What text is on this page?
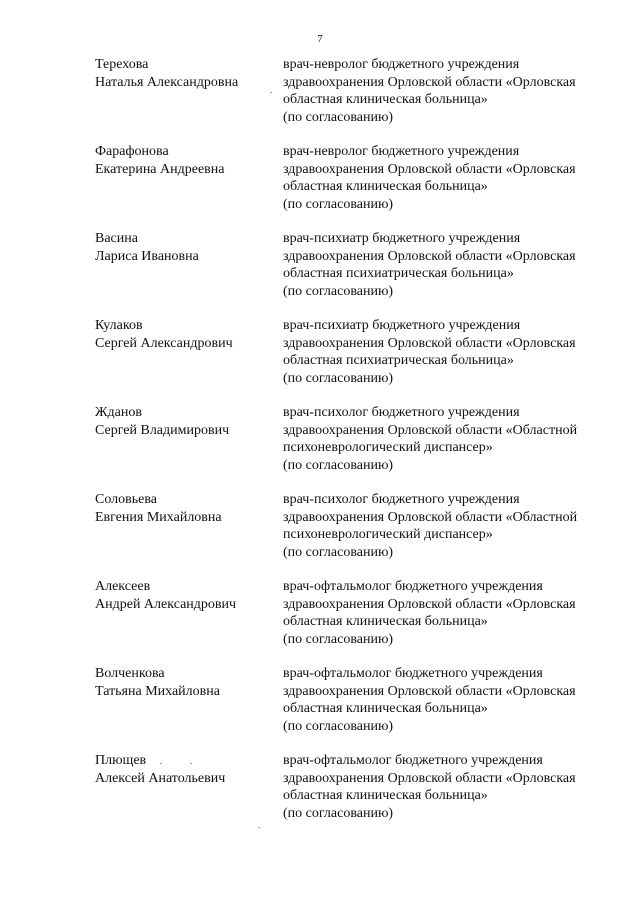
7
Терехова
Наталья Александровна
врач-невролог бюджетного учреждения
здравоохранения Орловской области «Орловская
областная клиническая больница»
(по согласованию)
Фарафонова
Екатерина Андреевна
врач-невролог бюджетного учреждения
здравоохранения Орловской области «Орловская
областная клиническая больница»
(по согласованию)
Васина
Лариса Ивановна
врач-психиатр бюджетного учреждения
здравоохранения Орловской области «Орловская
областная психиатрическая больница»
(по согласованию)
Кулаков
Сергей Александрович
врач-психиатр бюджетного учреждения
здравоохранения Орловской области «Орловская
областная психиатрическая больница»
(по согласованию)
Жданов
Сергей Владимирович
врач-психолог бюджетного учреждения
здравоохранения Орловской области «Областной
психоневрологический диспансер»
(по согласованию)
Соловьева
Евгения Михайловна
врач-психолог бюджетного учреждения
здравоохранения Орловской области «Областной
психоневрологический диспансер»
(по согласованию)
Алексеев
Андрей Александрович
врач-офтальмолог бюджетного учреждения
здравоохранения Орловской области «Орловская
областная клиническая больница»
(по согласованию)
Волченкова
Татьяна Михайловна
врач-офтальмолог бюджетного учреждения
здравоохранения Орловской области «Орловская
областная клиническая больница»
(по согласованию)
Плющев
Алексей Анатольевич
врач-офтальмолог бюджетного учреждения
здравоохранения Орловской области «Орловская
областная клиническая больница»
(по согласованию)
